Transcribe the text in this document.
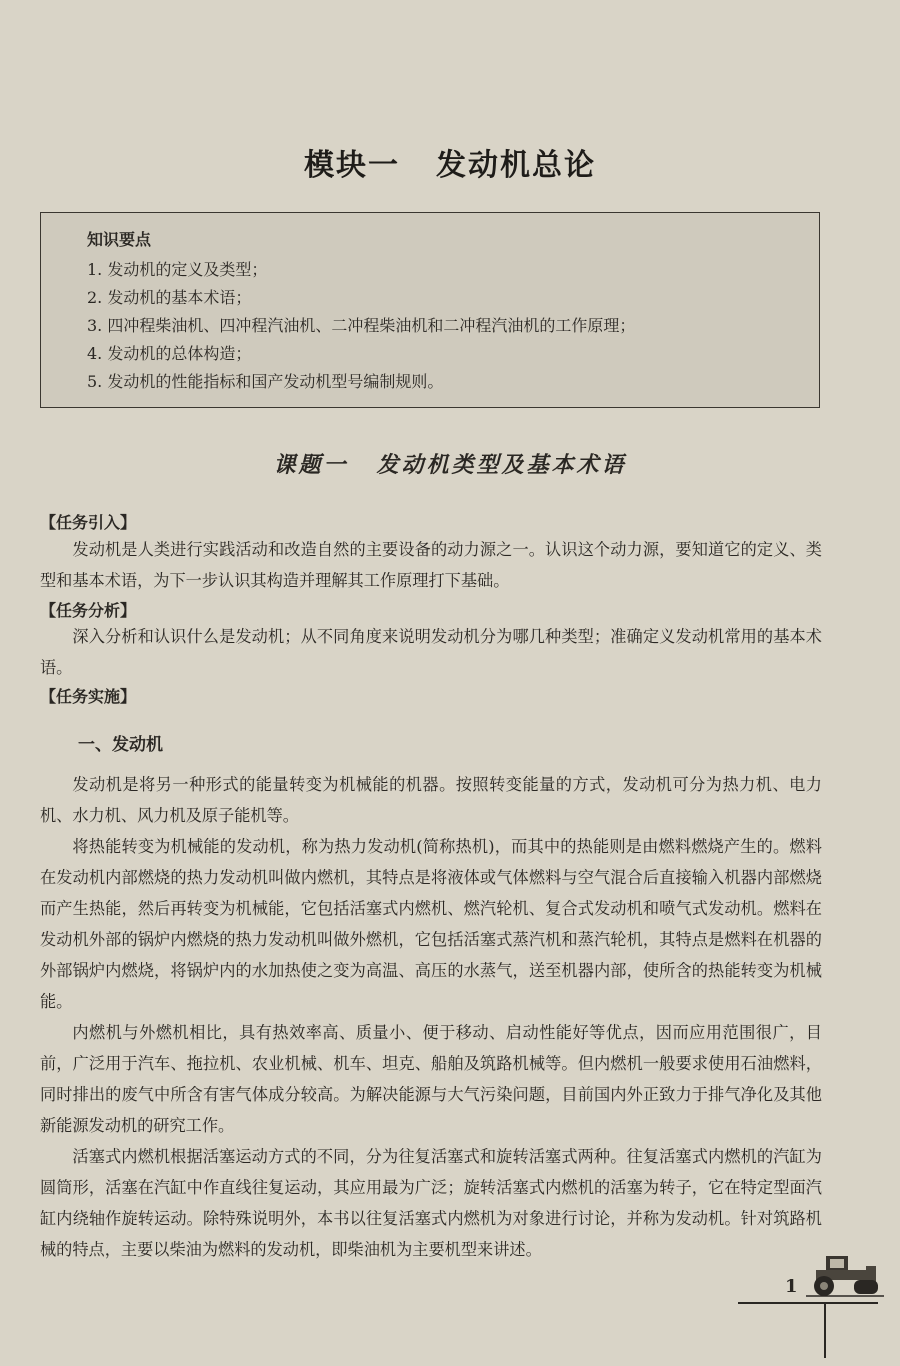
模块一 发动机总论
知识要点
1. 发动机的定义及类型；
2. 发动机的基本术语；
3. 四冲程柴油机、四冲程汽油机、二冲程柴油机和二冲程汽油机的工作原理；
4. 发动机的总体构造；
5. 发动机的性能指标和国产发动机型号编制规则。
课题一 发动机类型及基本术语
【任务引入】

发动机是人类进行实践活动和改造自然的主要设备的动力源之一。认识这个动力源，要知道它的定义、类型和基本术语，为下一步认识其构造并理解其工作原理打下基础。

【任务分析】

深入分析和认识什么是发动机；从不同角度来说明发动机分为哪几种类型；准确定义发动机常用的基本术语。

【任务实施】
一、发动机

发动机是将另一种形式的能量转变为机械能的机器。按照转变能量的方式，发动机可分为热力机、电力机、水力机、风力机及原子能机等。

将热能转变为机械能的发动机，称为热力发动机(简称热机)，而其中的热能则是由燃料燃烧产生的。燃料在发动机内部燃烧的热力发动机叫做内燃机，其特点是将液体或气体燃料与空气混合后直接输入机器内部燃烧而产生热能，然后再转变为机械能，它包括活塞式内燃机、燃汽轮机、复合式发动机和喷气式发动机。燃料在发动机外部的锅炉内燃烧的热力发动机叫做外燃机，它包括活塞式蒸汽机和蒸汽轮机，其特点是燃料在机器的外部锅炉内燃烧，将锅炉内的水加热使之变为高温、高压的水蒸气，送至机器内部，使所含的热能转变为机械能。

内燃机与外燃机相比，具有热效率高、质量小、便于移动、启动性能好等优点，因而应用范围很广，目前，广泛用于汽车、拖拉机、农业机械、机车、坦克、船舶及筑路机械等。但内燃机一般要求使用石油燃料，同时排出的废气中所含有害气体成分较高。为解决能源与大气污染问题，目前国内外正致力于排气净化及其他新能源发动机的研究工作。

活塞式内燃机根据活塞运动方式的不同，分为往复活塞式和旋转活塞式两种。往复活塞式内燃机的汽缸为圆筒形，活塞在汽缸中作直线往复运动，其应用最为广泛；旋转活塞式内燃机的活塞为转子，它在特定型面汽缸内绕轴作旋转运动。除特殊说明外，本书以往复活塞式内燃机为对象进行讨论，并称为发动机。针对筑路机械的特点，主要以柴油为燃料的发动机，即柴油机为主要机型来讲述。

1
